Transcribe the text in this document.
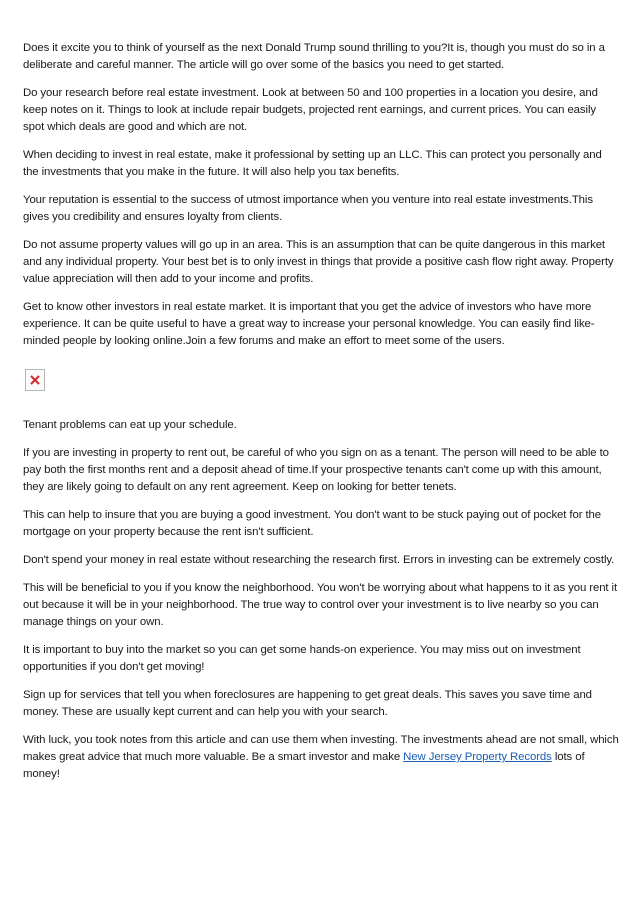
Does it excite you to think of yourself as the next Donald Trump sound thrilling to you?It is, though you must do so in a deliberate and careful manner. The article will go over some of the basics you need to get started.

Do your research before real estate investment. Look at between 50 and 100 properties in a location you desire, and keep notes on it. Things to look at include repair budgets, projected rent earnings, and current prices. You can easily spot which deals are good and which are not.

When deciding to invest in real estate, make it professional by setting up an LLC. This can protect you personally and the investments that you make in the future. It will also help you tax benefits.

Your reputation is essential to the success of utmost importance when you venture into real estate investments.This gives you credibility and ensures loyalty from clients.

Do not assume property values will go up in an area. This is an assumption that can be quite dangerous in this market and any individual property. Your best bet is to only invest in things that provide a positive cash flow right away. Property value appreciation will then add to your income and profits.

Get to know other investors in real estate market. It is important that you get the advice of investors who have more experience. It can be quite useful to have a great way to increase your personal knowledge. You can easily find like-minded people by looking online.Join a few forums and make an effort to meet some of the users.

Tenant problems can eat up your schedule.

If you are investing in property to rent out, be careful of who you sign on as a tenant. The person will need to be able to pay both the first months rent and a deposit ahead of time.If your prospective tenants can't come up with this amount, they are likely going to default on any rent agreement. Keep on looking for better tenets.

This can help to insure that you are buying a good investment. You don't want to be stuck paying out of pocket for the mortgage on your property because the rent isn't sufficient.

Don't spend your money in real estate without researching the research first. Errors in investing can be extremely costly.

This will be beneficial to you if you know the neighborhood. You won't be worrying about what happens to it as you rent it out because it will be in your neighborhood. The true way to control over your investment is to live nearby so you can manage things on your own.

It is important to buy into the market so you can get some hands-on experience. You may miss out on investment opportunities if you don't get moving!

Sign up for services that tell you when foreclosures are happening to get great deals. This saves you save time and money. These are usually kept current and can help you with your search.

With luck, you took notes from this article and can use them when investing. The investments ahead are not small, which makes great advice that much more valuable. Be a smart investor and make New Jersey Property Records lots of money!
